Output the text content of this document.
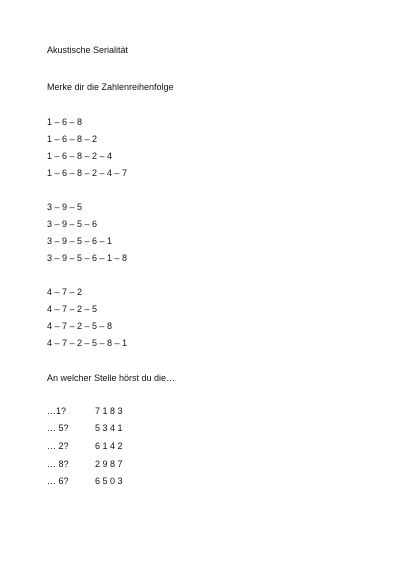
Akustische Serialität
Merke dir die Zahlenreihenfolge
1 – 6 – 8
1 – 6 – 8 – 2
1 – 6 – 8 – 2 – 4
1 – 6 – 8 – 2 – 4 – 7
3 – 9 – 5
3 – 9 – 5 – 6
3 – 9 – 5 – 6 – 1
3 – 9 – 5 – 6 – 1 – 8
4 – 7 – 2
4 – 7 – 2 – 5
4 – 7 – 2 – 5 – 8
4 – 7 – 2 – 5 – 8 – 1
An welcher Stelle hörst du die…
…1?	7 1 8 3
… 5?	5 3 4 1
… 2?	6 1 4 2
… 8?	2 9 8 7
… 6?	6 5 0 3
